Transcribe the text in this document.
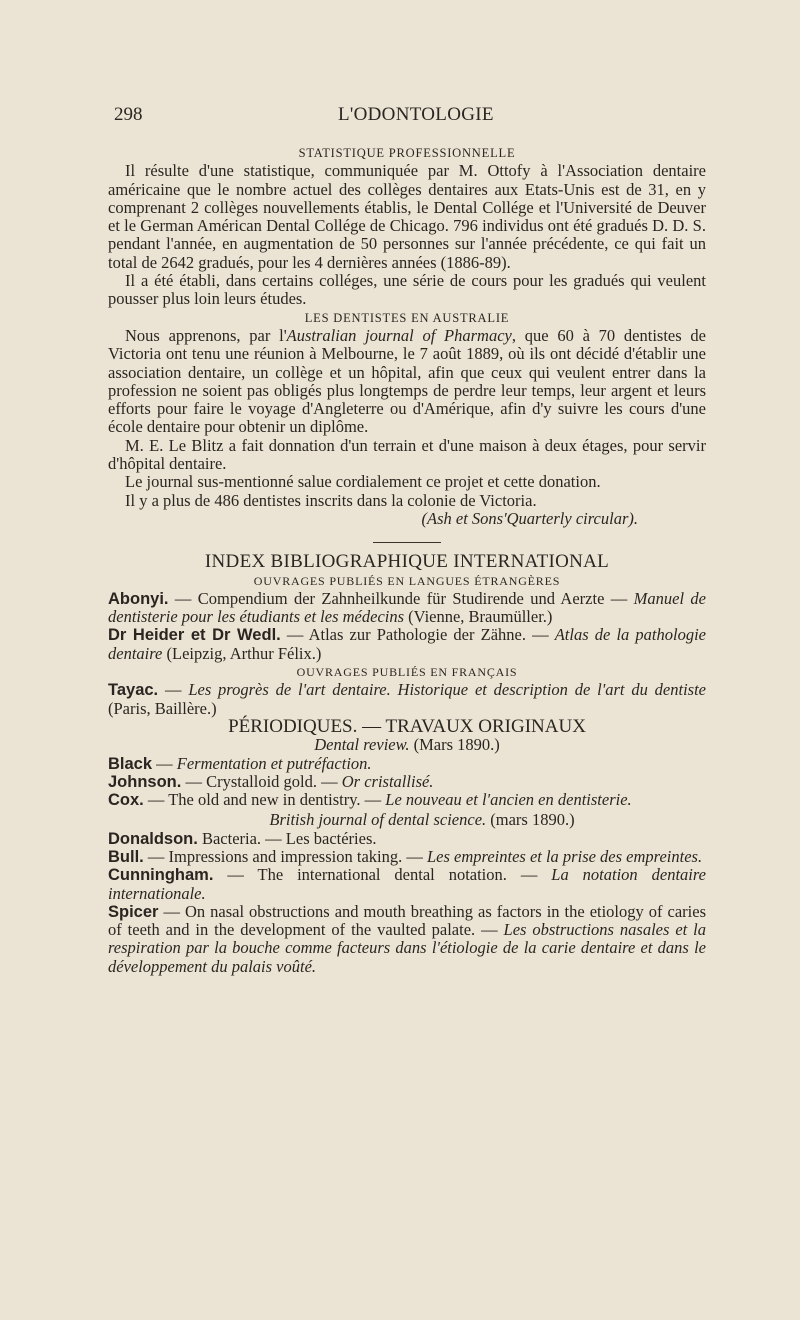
298	L'ODONTOLOGIE

STATISTIQUE PROFESSIONNELLE

Il résulte d'une statistique, communiquée par M. Ottofy à l'Association dentaire américaine que le nombre actuel des collèges dentaires aux Etats-Unis est de 31, en y comprenant 2 collèges nouvellements établis, le Dental Collége et l'Université de Deuver et le German Américan Dental Collége de Chicago. 796 individus ont été gradués D. D. S. pendant l'année, en augmentation de 50 personnes sur l'année précédente, ce qui fait un total de 2642 gradués, pour les 4 dernières années (1886-89).

Il a été établi, dans certains colléges, une série de cours pour les gradués qui veulent pousser plus loin leurs études.

LES DENTISTES EN AUSTRALIE

Nous apprenons, par l'Australian journal of Pharmacy, que 60 à 70 dentistes de Victoria ont tenu une réunion à Melbourne, le 7 août 1889, où ils ont décidé d'établir une association dentaire, un collège et un hôpital, afin que ceux qui veulent entrer dans la profession ne soient pas obligés plus longtemps de perdre leur temps, leur argent et leurs efforts pour faire le voyage d'Angleterre ou d'Amérique, afin d'y suivre les cours d'une école dentaire pour obtenir un diplôme.

M. E. Le Blitz a fait donnation d'un terrain et d'une maison à deux étages, pour servir d'hôpital dentaire.

Le journal sus-mentionné salue cordialement ce projet et cette donation.

Il y a plus de 486 dentistes inscrits dans la colonie de Victoria.

(Ash et Sons'Quarterly circular).

INDEX BIBLIOGRAPHIQUE INTERNATIONAL

OUVRAGES PUBLIÉS EN LANGUES ÉTRANGÈRES

Abonyi. — Compendium der Zahnheilkunde für Studirende und Aerzte — Manuel de dentisterie pour les étudiants et les médecins (Vienne, Braumüller.)

Dr Heider et Dr Wedl. — Atlas zur Pathologie der Zähne. — Atlas de la pathologie dentaire (Leipzig, Arthur Félix.)

OUVRAGES PUBLIÉS EN FRANÇAIS

Tayac. — Les progrès de l'art dentaire. Historique et description de l'art du dentiste (Paris, Baillère.)

PÉRIODIQUES. — TRAVAUX ORIGINAUX

Dental review. (Mars 1890.)

Black — Fermentation et putréfaction.

Johnson. — Crystalloid gold. — Or cristallisé.

Cox. — The old and new in dentistry. — Le nouveau et l'ancien en dentisterie.

British journal of dental science. (mars 1890.)

Donaldson. Bacteria. — Les bactéries.

Bull. — Impressions and impression taking. — Les empreintes et la prise des empreintes.

Cunningham. — The international dental notation. — La notation dentaire internationale.

Spicer — On nasal obstructions and mouth breathing as factors in the etiology of caries of teeth and in the development of the vaulted palate. — Les obstructions nasales et la respiration par la bouche comme facteurs dans l'étiologie de la carie dentaire et dans le développement du palais voûté.
